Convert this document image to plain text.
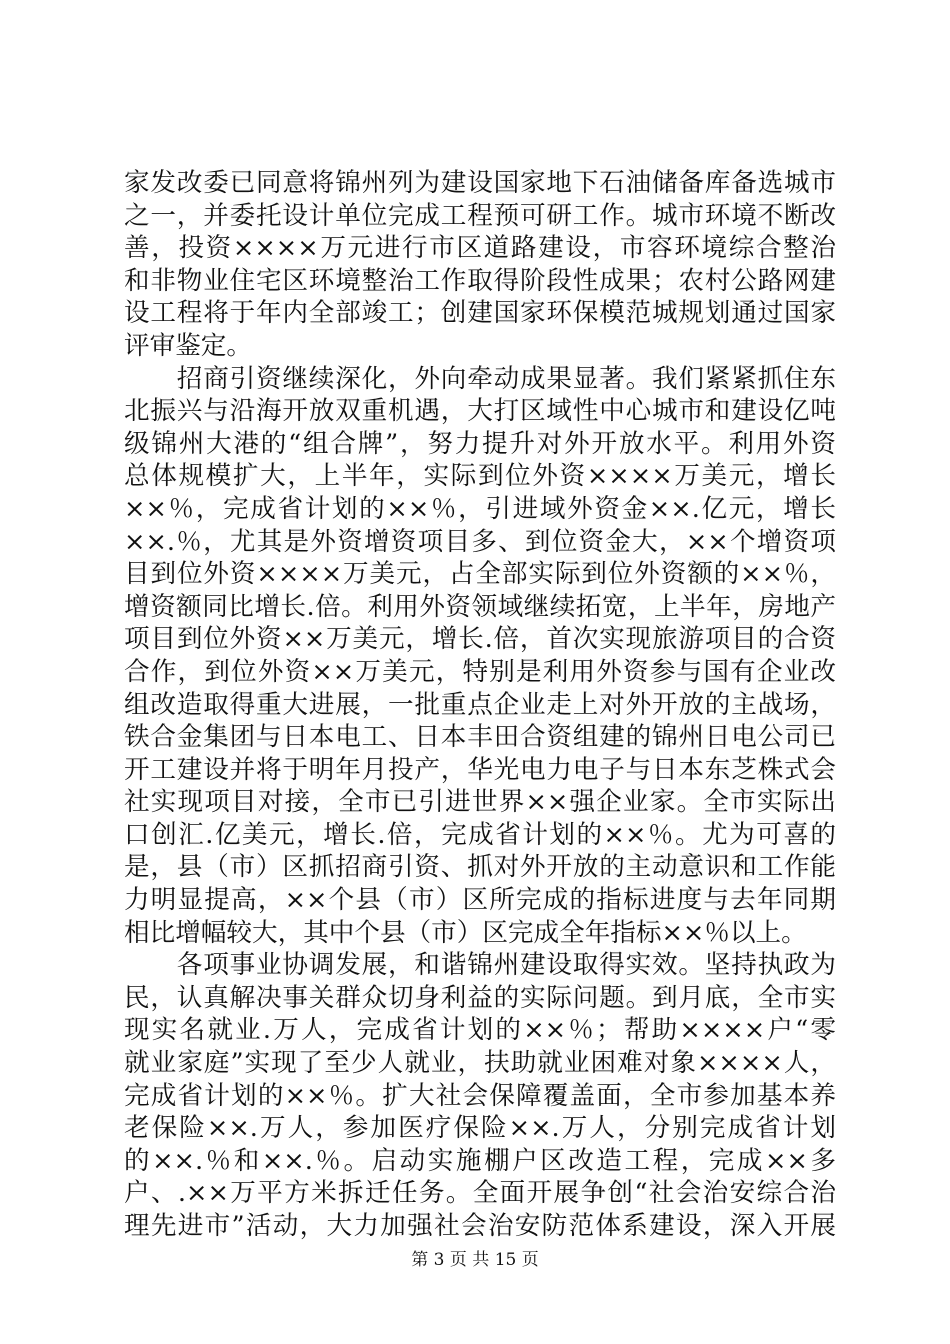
家发改委已同意将锦州列为建设国家地下石油储备库备选城市
之一，并委托设计单位完成工程预可研工作。城市环境不断改
善，投资××××万元进行市区道路建设，市容环境综合整治
和非物业住宅区环境整治工作取得阶段性成果；农村公路网建
设工程将于年内全部竣工；创建国家环保模范城规划通过国家
评审鉴定。
　　招商引资继续深化，外向牵动成果显著。我们紧紧抓住东
北振兴与沿海开放双重机遇，大打区域性中心城市和建设亿吨
级锦州大港的“组合牌”，努力提升对外开放水平。利用外资
总体规模扩大，上半年，实际到位外资××××万美元，增长
××％，完成省计划的××％，引进域外资金××.亿元，增长
××.％，尤其是外资增资项目多、到位资金大，××个增资项
目到位外资××××万美元，占全部实际到位外资额的××％，
增资额同比增长.倍。利用外资领域继续拓宽，上半年，房地产
项目到位外资××万美元，增长.倍，首次实现旅游项目的合资
合作，到位外资××万美元，特别是利用外资参与国有企业改
组改造取得重大进展，一批重点企业走上对外开放的主战场，
铁合金集团与日本电工、日本丰田合资组建的锦州日电公司已
开工建设并将于明年月投产，华光电力电子与日本东芝株式会
社实现项目对接，全市已引进世界××强企业家。全市实际出
口创汇.亿美元，增长.倍，完成省计划的××％。尤为可喜的
是，县（市）区抓招商引资、抓对外开放的主动意识和工作能
力明显提高，××个县（市）区所完成的指标进度与去年同期
相比增幅较大，其中个县（市）区完成全年指标××％以上。
　　各项事业协调发展，和谐锦州建设取得实效。坚持执政为
民，认真解决事关群众切身利益的实际问题。到月底，全市实
现实名就业.万人，完成省计划的××％；帮助××××户“零
就业家庭”实现了至少人就业，扶助就业困难对象××××人，
完成省计划的××％。扩大社会保障覆盖面，全市参加基本养
老保险××.万人，参加医疗保险××.万人，分别完成省计划
的××.％和××.％。启动实施棚户区改造工程，完成××多
户、.××万平方米拆迁任务。全面开展争创“社会治安综合治
理先进市”活动，大力加强社会治安防范体系建设，深入开展
第 3 页 共 15 页
